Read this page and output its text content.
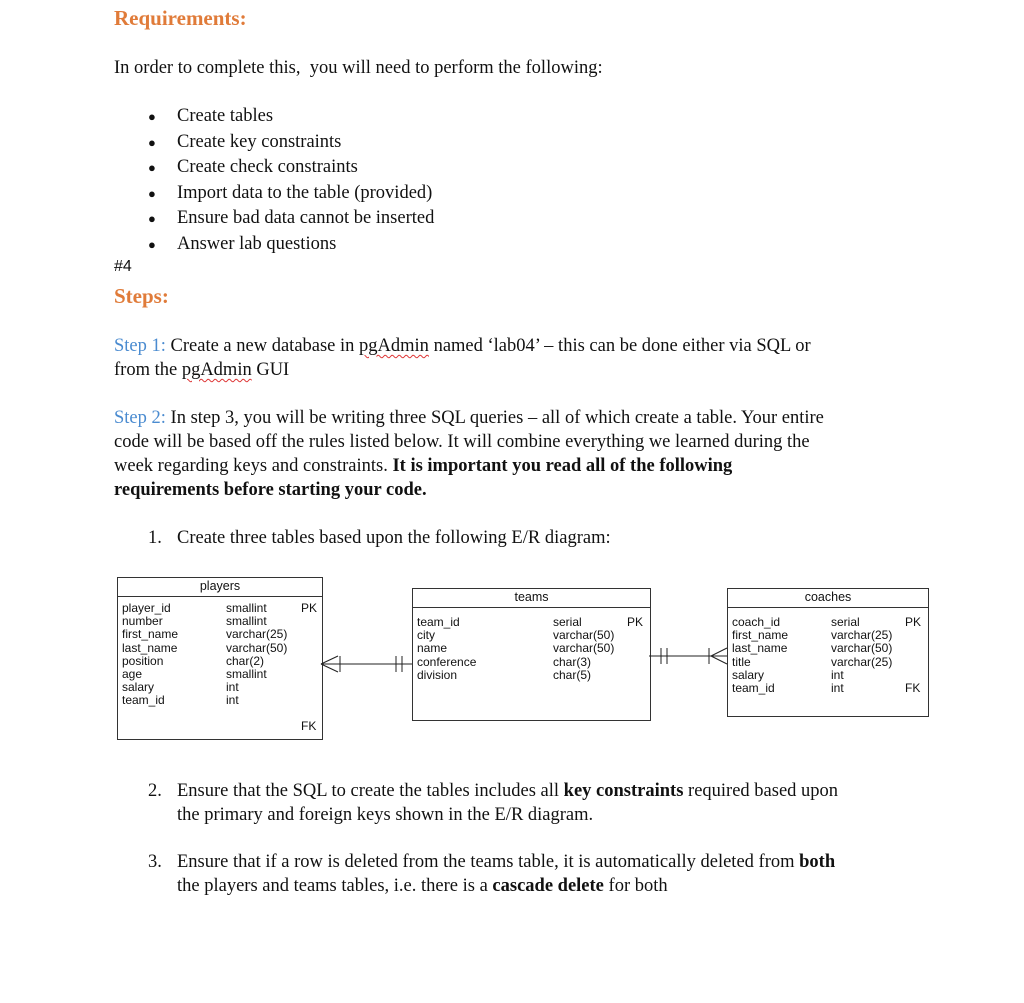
Requirements:
In order to complete this,  you will need to perform the following:
● Create tables
● Create key constraints
● Create check constraints
● Import data to the table (provided)
● Ensure bad data cannot be inserted
● Answer lab questions
#4
Steps:
Step 1: Create a new database in pgAdmin named ‘lab04’ – this can be done either via SQL or
from the pgAdmin GUI
Step 2: In step 3, you will be writing three SQL queries – all of which create a table. Your entire
code will be based off the rules listed below. It will combine everything we learned during the
week regarding keys and constraints. It is important you read all of the following
requirements before starting your code.
1. Create three tables based upon the following E/R diagram:
players
player_id
number
first_name
last_name
position
age
salary
team_id
smallint
smallint
varchar(25)
varchar(50)
char(2)
smallint
int
int
PK
FK
teams
team_id
city
name
conference
division
serial
varchar(50)
varchar(50)
char(3)
char(5)
PK
coaches
coach_id
first_name
last_name
title
salary
team_id
serial
varchar(25)
varchar(50)
varchar(25)
int
int
PK
FK
2. Ensure that the SQL to create the tables includes all key constraints required based upon
the primary and foreign keys shown in the E/R diagram.
3. Ensure that if a row is deleted from the teams table, it is automatically deleted from both
the players and teams tables, i.e. there is a cascade delete for both
